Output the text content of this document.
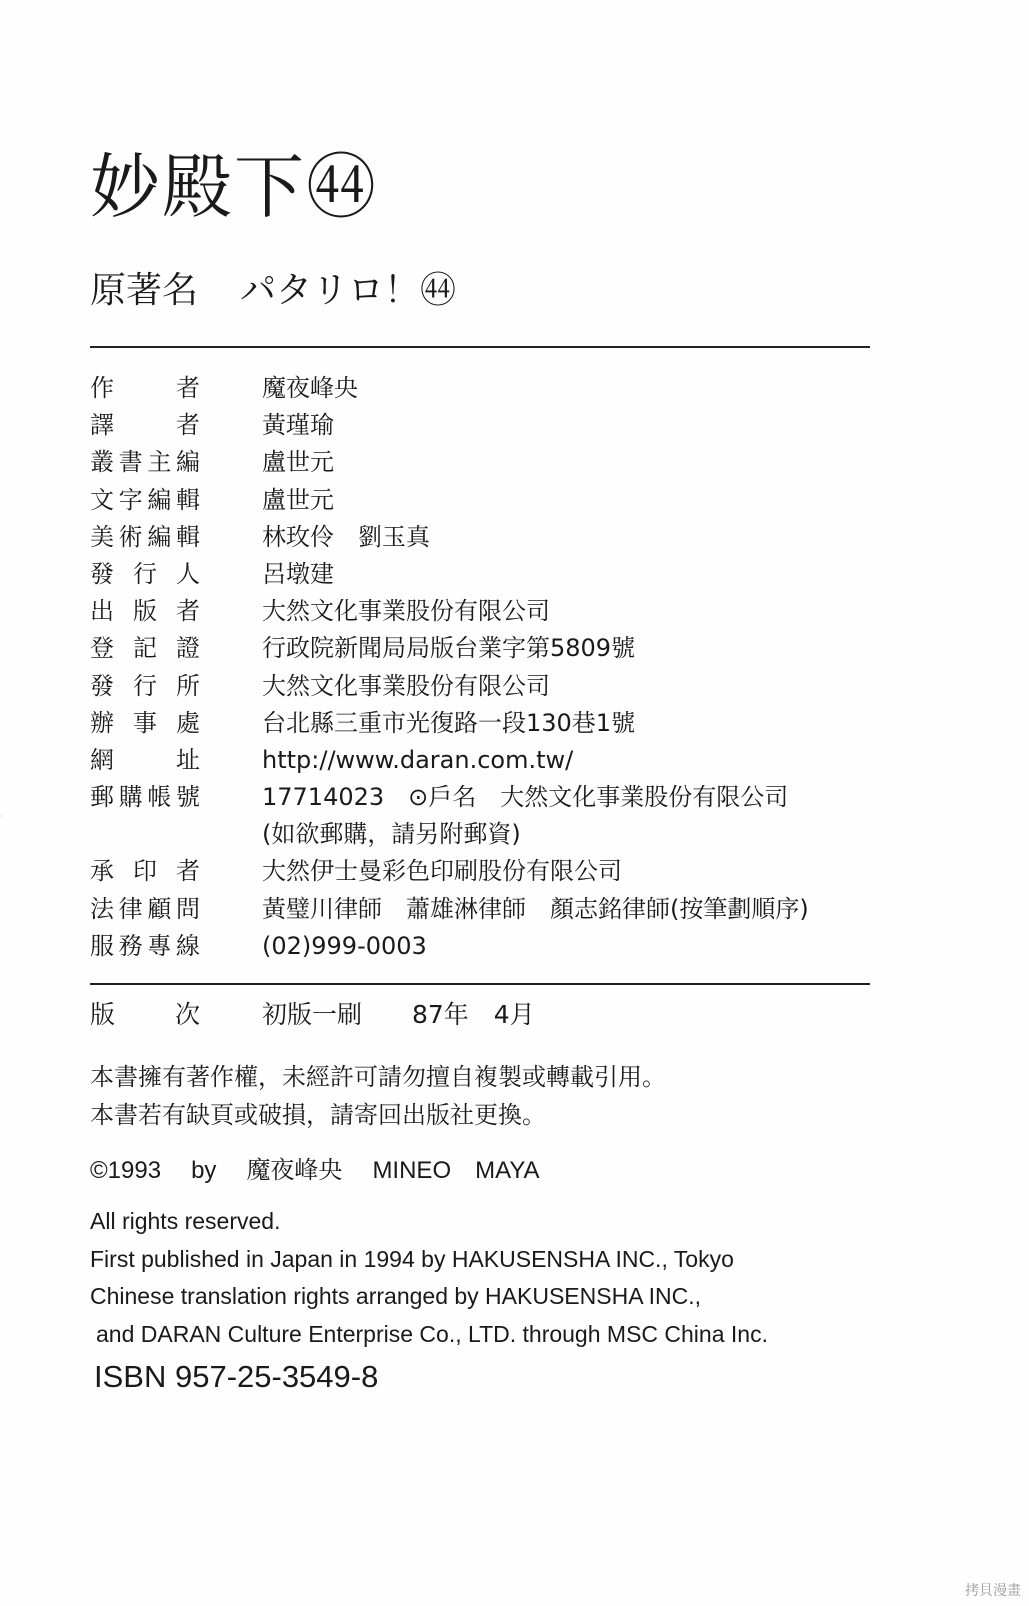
妙殿下㊹
原著名 パタリロ！㊹
作	者	魔夜峰央
譯	者	黃瑾瑜
叢 書 主 編	盧世元
文 字 編 輯	盧世元
美 術 編 輯	林玫伶　劉玉真
發 行 人	呂墩建
出 版 者	大然文化事業股份有限公司
登 記 證	行政院新聞局局版台業字第5809號
發 行 所	大然文化事業股份有限公司
辦 事 處	台北縣三重市光復路一段130巷1號
網	址	http://www.daran.com.tw/
郵 購 帳 號	17714023　⊙戶名　大然文化事業股份有限公司
(如欲郵購，請另附郵資)
承 印 者	大然伊士曼彩色印刷股份有限公司
法 律 顧 問	黃璧川律師　蕭雄淋律師　顏志銘律師(按筆劃順序)
服 務 專 線	(02)999-0003
版 次 初版一刷　　87年　4月
本書擁有著作權，未經許可請勿擅自複製或轉載引用。
本書若有缺頁或破損，請寄回出版社更換。
©1993 by 魔夜峰央 MINEO　MAYA
All rights reserved.
First published in Japan in 1994 by HAKUSENSHA INC., Tokyo
Chinese translation rights arranged by HAKUSENSHA INC.,
and DARAN Culture Enterprise Co., LTD. through MSC China Inc.
ISBN 957-25-3549-8
ᐧ
拷貝漫畫
